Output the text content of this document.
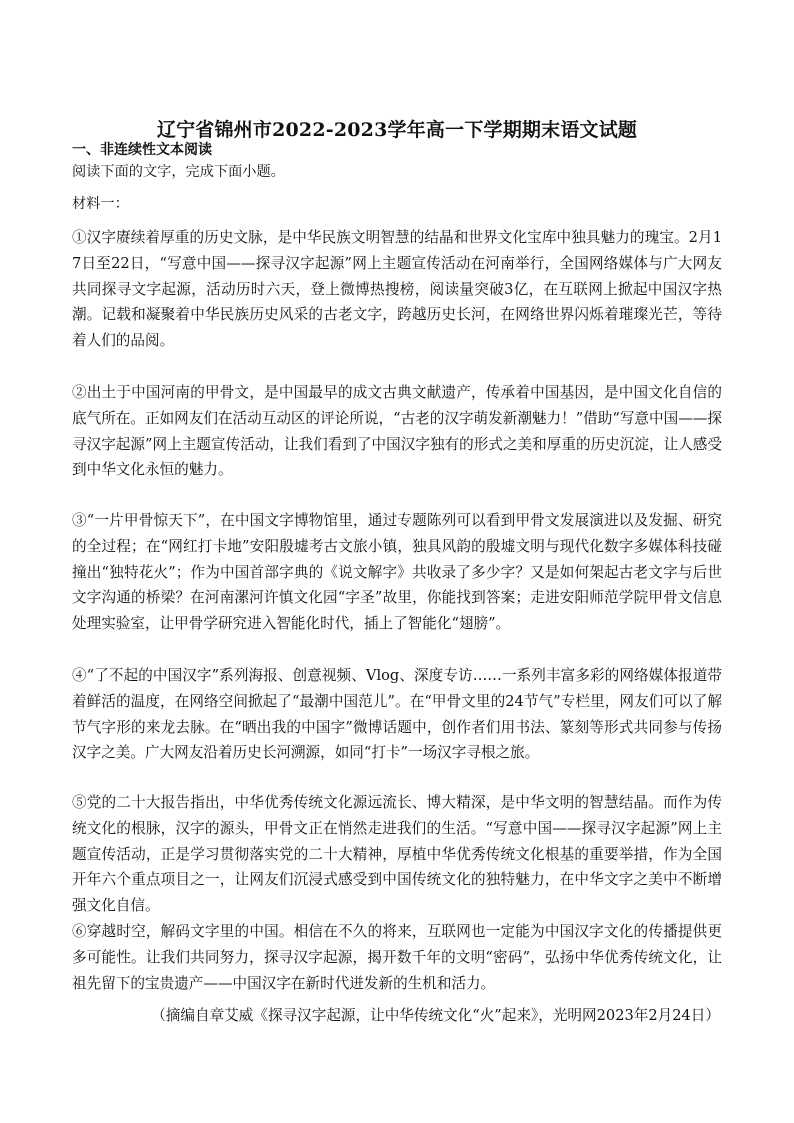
辽宁省锦州市2022-2023学年高一下学期期末语文试题
一、非连续性文本阅读
阅读下面的文字，完成下面小题。
材料一：

①汉字赓续着厚重的历史文脉，是中华民族文明智慧的结晶和世界文化宝库中独具魅力的瑰宝。2月17日至22日，“写意中国——探寻汉字起源”网上主题宣传活动在河南举行，全国网络媒体与广大网友共同探寻文字起源，活动历时六天，登上微博热搜榜，阅读量突破3亿，在互联网上掀起中国汉字热潮。记载和凝聚着中华民族历史风采的古老文字，跨越历史长河，在网络世界闪烁着璀璨光芒，等待着人们的品阅。

②出土于中国河南的甲骨文，是中国最早的成文古典文献遗产，传承着中国基因，是中国文化自信的底气所在。正如网友们在活动互动区的评论所说，“古老的汉字萌发新潮魅力！”借助“写意中国——探寻汉字起源”网上主题宣传活动，让我们看到了中国汉字独有的形式之美和厚重的历史沉淀，让人感受到中华文化永恒的魅力。

③“一片甲骨惊天下”，在中国文字博物馆里，通过专题陈列可以看到甲骨文发展演进以及发掘、研究的全过程；在“网红打卡地”安阳殷墟考古文旅小镇，独具风韵的殷墟文明与现代化数字多媒体科技碰撞出“独特花火”；作为中国首部字典的《说文解字》共收录了多少字？又是如何架起古老文字与后世文字沟通的桥梁？在河南漯河许慎文化园“字圣”故里，你能找到答案；走进安阳师范学院甲骨文信息处理实验室，让甲骨学研究进入智能化时代，插上了智能化“翅膀”。

④“了不起的中国汉字”系列海报、创意视频、Vlog、深度专访……一系列丰富多彩的网络媒体报道带着鲜活的温度，在网络空间掀起了“最潮中国范儿”。在“甲骨文里的24节气”专栏里，网友们可以了解节气字形的来龙去脉。在“晒出我的中国字”微博话题中，创作者们用书法、篆刻等形式共同参与传扬汉字之美。广大网友沿着历史长河溯源，如同“打卡”一场汉字寻根之旅。

⑤党的二十大报告指出，中华优秀传统文化源远流长、博大精深，是中华文明的智慧结晶。而作为传统文化的根脉，汉字的源头，甲骨文正在悄然走进我们的生活。“写意中国——探寻汉字起源”网上主题宣传活动，正是学习贯彻落实党的二十大精神，厚植中华优秀传统文化根基的重要举措，作为全国开年六个重点项目之一，让网友们沉浸式感受到中国传统文化的独特魅力，在中华文字之美中不断增强文化自信。

⑥穿越时空，解码文字里的中国。相信在不久的将来，互联网也一定能为中国汉字文化的传播提供更多可能性。让我们共同努力，探寻汉字起源，揭开数千年的文明“密码”，弘扬中华优秀传统文化，让祖先留下的宝贵遗产——中国汉字在新时代迸发新的生机和活力。

（摘编自章艾威《探寻汉字起源，让中华传统文化“火”起来》，光明网2023年2月24日）
